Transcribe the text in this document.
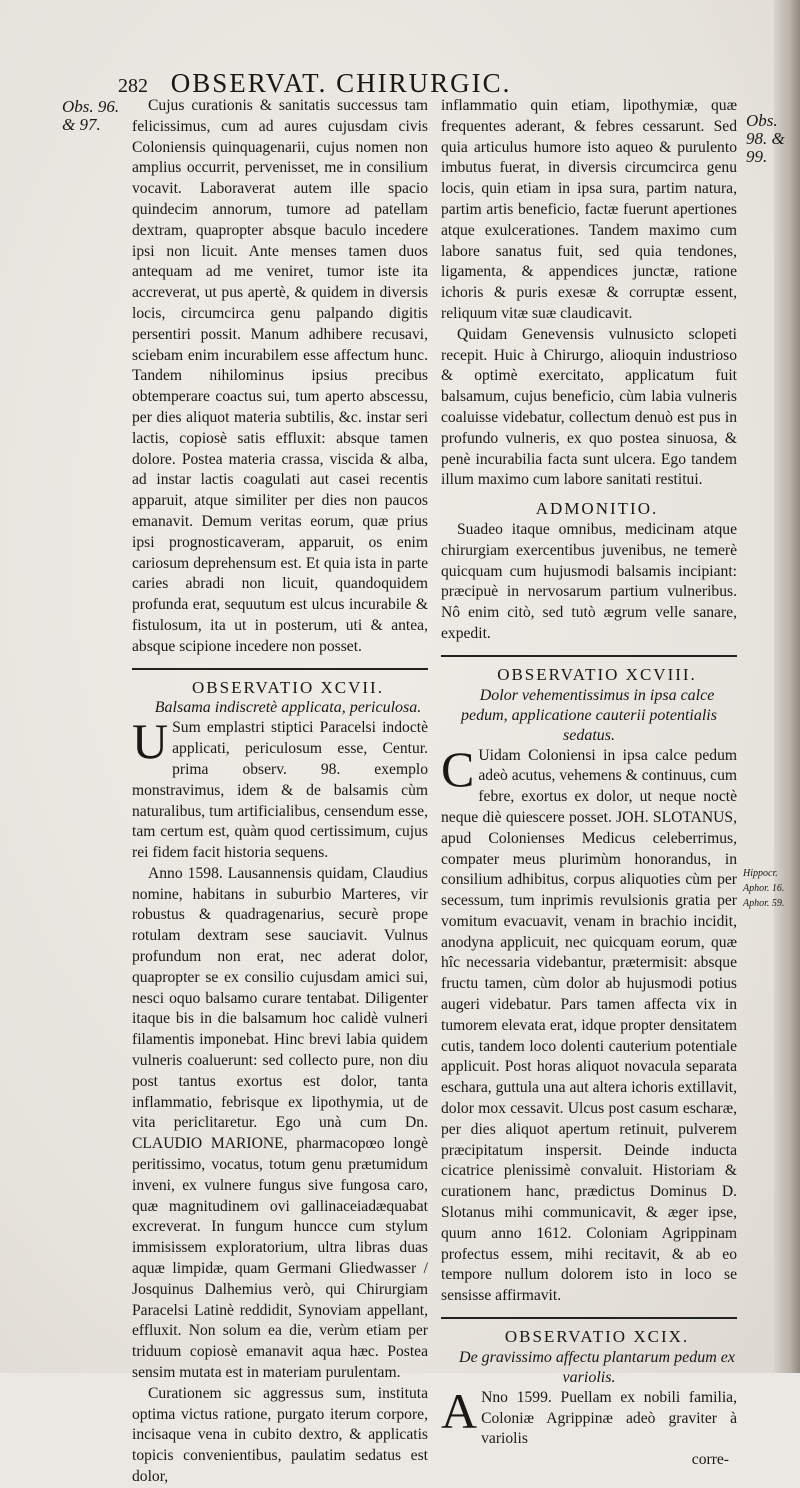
282 OBSERVAT. CHIRURGIC.
Obs. 96. & 97.	Obs. 98. & 99.
Hippocr. Aphor. 16. Aphor. 59.

Cujus curationis & sanitatis successus tam felicissimus, cum ad aures cujusdam civis Coloniensis quinquagenarii, cujus nomen non amplius occurrit, pervenisset, me in consilium vocavit. Laboraverat autem ille spacio quindecim annorum, tumore ad patellam dextram, quapropter absque baculo incedere ipsi non licuit. Ante menses tamen duos antequam ad me veniret, tumor iste ita accreverat, ut pus apertè, & quidem in diversis locis, circumcirca genu palpando digitis persentiri possit. Manum adhibere recusavi, sciebam enim incurabilem esse affectum hunc. Tandem nihilominus ipsius precibus obtemperare coactus sui, tum aperto abscessu, per dies aliquot materia subtilis, &c. instar seri lactis, copiosè satis effluxit: absque tamen dolore. Postea materia crassa, viscida & alba, ad instar lactis coagulati aut casei recentis apparuit, atque similiter per dies non paucos emanavit. Demum veritas eorum, quæ prius ipsi prognosticaveram, apparuit, os enim cariosum deprehensum est. Et quia ista in parte caries abradi non licuit, quandoquidem profunda erat, sequutum est ulcus incurabile & fistulosum, ita ut in posterum, uti & antea, absque scipione incedere non posset.

OBSERVATIO XCVII.

Balsama indiscretè applicata, periculosa.

U Sum emplastri stiptici Paracelsi indoctè applicati, periculosum esse, Centur. prima observ. 98. exemplo monstravimus, idem & de balsamis cùm naturalibus, tum artificialibus, censendum esse, tam certum est, quàm quod certissimum, cujus rei fidem facit historia sequens.

Anno 1598. Lausannensis quidam, Claudius nomine, habitans in suburbio Marteres, vir robustus & quadragenarius, securè prope rotulam dextram sese sauciavit. Vulnus profundum non erat, nec aderat dolor, quapropter se ex consilio cujusdam amici sui, nesci oquo balsamo curare tentabat. Diligenter itaque bis in die balsamum hoc calidè vulneri filamentis imponebat. Hinc brevi labia quidem vulneris coaluerunt: sed collecto pure, non diu post tantus exortus est dolor, tanta inflammatio, febrisque ex lipothymia, ut de vita periclitaretur. Ego unà cum Dn. CLAUDIO MARIONE, pharmacopœo longè peritissimo, vocatus, totum genu prætumidum inveni, ex vulnere fungus sive fungosa caro, quæ magnitudinem ovi gallinaceiadæquabat excreverat. In fungum huncce cum stylum immisissem exploratorium, ultra libras duas aquæ limpidæ, quam Germani Gliedwasser / Josquinus Dalhemius verò, qui Chirurgiam Paracelsi Latinè reddidit, Synoviam appellant, effluxit. Non solum ea die, verùm etiam per triduum copiosè emanavit aqua hæc. Postea sensim mutata est in materiam purulentam.

Curationem sic aggressus sum, instituta optima victus ratione, purgato iterum corpore, incisaque vena in cubito dextro, & applicatis topicis convenientibus, paulatim sedatus est dolor,

inflammatio quin etiam, lipothymiæ, quæ frequentes aderant, & febres cessarunt. Sed quia articulus humore isto aqueo & purulento imbutus fuerat, in diversis circumcirca genu locis, quin etiam in ipsa sura, partim natura, partim artis beneficio, factæ fuerunt apertiones atque exulcerationes. Tandem maximo cum labore sanatus fuit, sed quia tendones, ligamenta, & appendices junctæ, ratione ichoris & puris exesæ & corruptæ essent, reliquum vitæ suæ claudicavit.

Quidam Genevensis vulnusicto sclopeti recepit. Huic à Chirurgo, alioquin industrioso & optimè exercitato, applicatum fuit balsamum, cujus beneficio, cùm labia vulneris coaluisse videbatur, collectum denuò est pus in profundo vulneris, ex quo postea sinuosa, & penè incurabilia facta sunt ulcera. Ego tandem illum maximo cum labore sanitati restitui.

ADMONITIO.

Suadeo itaque omnibus, medicinam atque chirurgiam exercentibus juvenibus, ne temerè quicquam cum hujusmodi balsamis incipiant: præcipuè in nervosarum partium vulneribus. Nô enim citò, sed tutò ægrum velle sanare, expedit.

OBSERVATIO XCVIII.

Dolor vehementissimus in ipsa calce pedum, applicatione cauterii potentialis sedatus.

C Uidam Coloniensi in ipsa calce pedum adeò acutus, vehemens & continuus, cum febre, exortus ex dolor, ut neque noctè neque diè quiescere posset. JOH. SLOTANUS, apud Colonienses Medicus celeberrimus, compater meus plurimùm honorandus, in consilium adhibitus, corpus aliquoties cùm per secessum, tum inprimis revulsionis gratia per vomitum evacuavit, venam in brachio incidit, anodyna applicuit, nec quicquam eorum, quæ hîc necessaria videbantur, prætermisit: absque fructu tamen, cùm dolor ab hujusmodi potius augeri videbatur. Pars tamen affecta vix in tumorem elevata erat, idque propter densitatem cutis, tandem loco dolenti cauterium potentiale applicuit. Post horas aliquot novacula separata eschara, guttula una aut altera ichoris extillavit, dolor mox cessavit. Ulcus post casum escharæ, per dies aliquot apertum retinuit, pulverem præcipitatum inspersit. Deinde inducta cicatrice plenissimè convaluit. Historiam & curationem hanc, prædictus Dominus D. Slotanus mihi communicavit, & æger ipse, quum anno 1612. Coloniam Agrippinam profectus essem, mihi recitavit, & ab eo tempore nullum dolorem isto in loco se sensisse affirmavit.

OBSERVATIO XCIX.

De gravissimo affectu plantarum pedum ex variolis.

A Nno 1599. Puellam ex nobili familia, Coloniæ Agrippinæ adeò graviter à variolis

corre-
